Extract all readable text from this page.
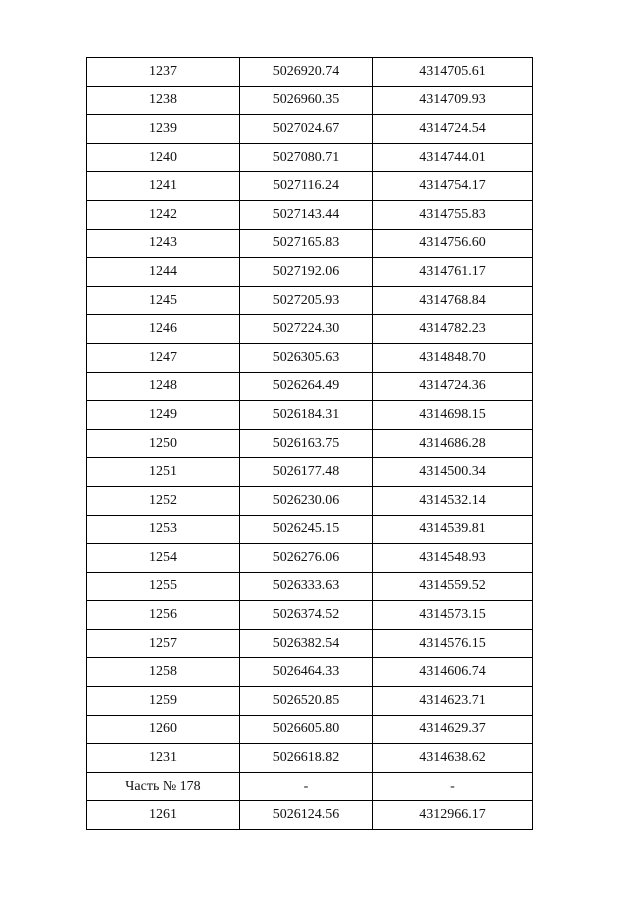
1237	5026920.74	4314705.61
1238	5026960.35	4314709.93
1239	5027024.67	4314724.54
1240	5027080.71	4314744.01
1241	5027116.24	4314754.17
1242	5027143.44	4314755.83
1243	5027165.83	4314756.60
1244	5027192.06	4314761.17
1245	5027205.93	4314768.84
1246	5027224.30	4314782.23
1247	5026305.63	4314848.70
1248	5026264.49	4314724.36
1249	5026184.31	4314698.15
1250	5026163.75	4314686.28
1251	5026177.48	4314500.34
1252	5026230.06	4314532.14
1253	5026245.15	4314539.81
1254	5026276.06	4314548.93
1255	5026333.63	4314559.52
1256	5026374.52	4314573.15
1257	5026382.54	4314576.15
1258	5026464.33	4314606.74
1259	5026520.85	4314623.71
1260	5026605.80	4314629.37
1231	5026618.82	4314638.62
Часть № 178	-	-
1261	5026124.56	4312966.17
